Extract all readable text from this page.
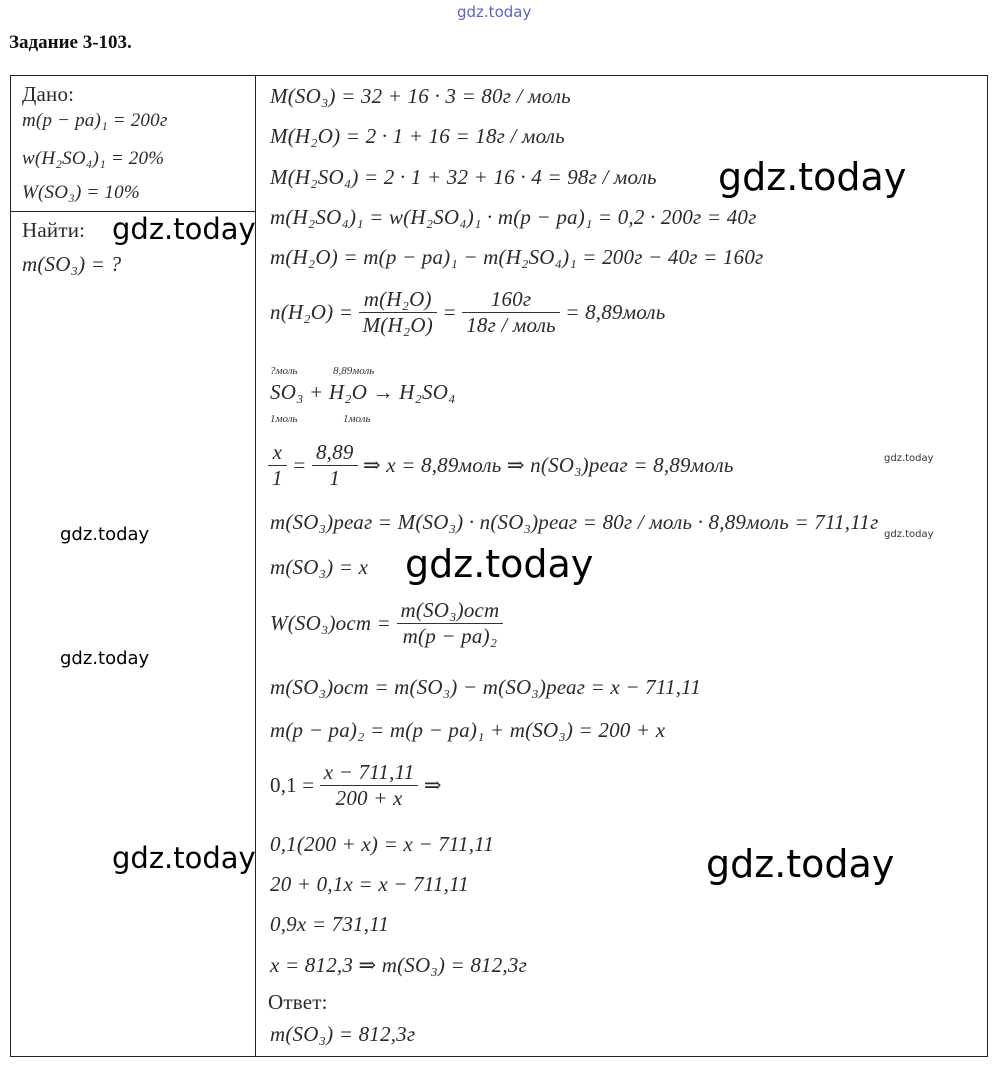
gdz.today
Задание 3-103.
Дано:
m(p − pa)₁ = 200г
w(H₂SO₄)₁ = 20%
W(SO₃) = 10%
Найти:
m(SO₃) = ?
M(SO₃) = 32 + 16 · 3 = 80г / моль
M(H₂O) = 2 · 1 + 16 = 18г / моль
M(H₂SO₄) = 2 · 1 + 32 + 16 · 4 = 98г / моль
m(H₂SO₄)₁ = w(H₂SO₄)₁ · m(p − pa)₁ = 0,2 · 200г = 40г
m(H₂O) = m(p − pa)₁ − m(H₂SO₄)₁ = 200г − 40г = 160г
$n(H_2O) = \frac{\text{m(H₂O)}}{\text{M(H₂O)}} = \frac{160г}{\text{18г / моль}}$ = 8,89моль
?моль	8,89моль
SO₃ + H₂O → H₂SO₄
1моль	1моль
$\frac{x}{1} = \frac{8,89}{1}$ ⇒ x = 8,89моль ⇒ n(SO₃)реаг = 8,89моль
m(SO₃)реаг = M(SO₃) · n(SO₃)реаг = 80г / моль · 8,89моль = 711,11г
m(SO₃) = x
$W(SO_3)ост = \frac{\text{m(SO₃)ост}}{\text{m(p − pa)₂}}$
m(SO₃)ост = m(SO₃) − m(SO₃)реаг = x − 711,11
m(p − pa)₂ = m(p − pa)₁ + m(SO₃) = 200 + x
$0,1 = \frac{x - 711,11}{200 + x}$ ⇒
0,1(200 + x) = x − 711,11
20 + 0,1x = x − 711,11
0,9x = 731,11
x = 812,3 ⇒ m(SO₃) = 812,3г
Ответ:
m(SO₃) = 812,3г
gdz.today
gdz.today
gdz.today
gdz.today	gdz.today
gdz.today
gdz.today
gdz.today	gdz.today
